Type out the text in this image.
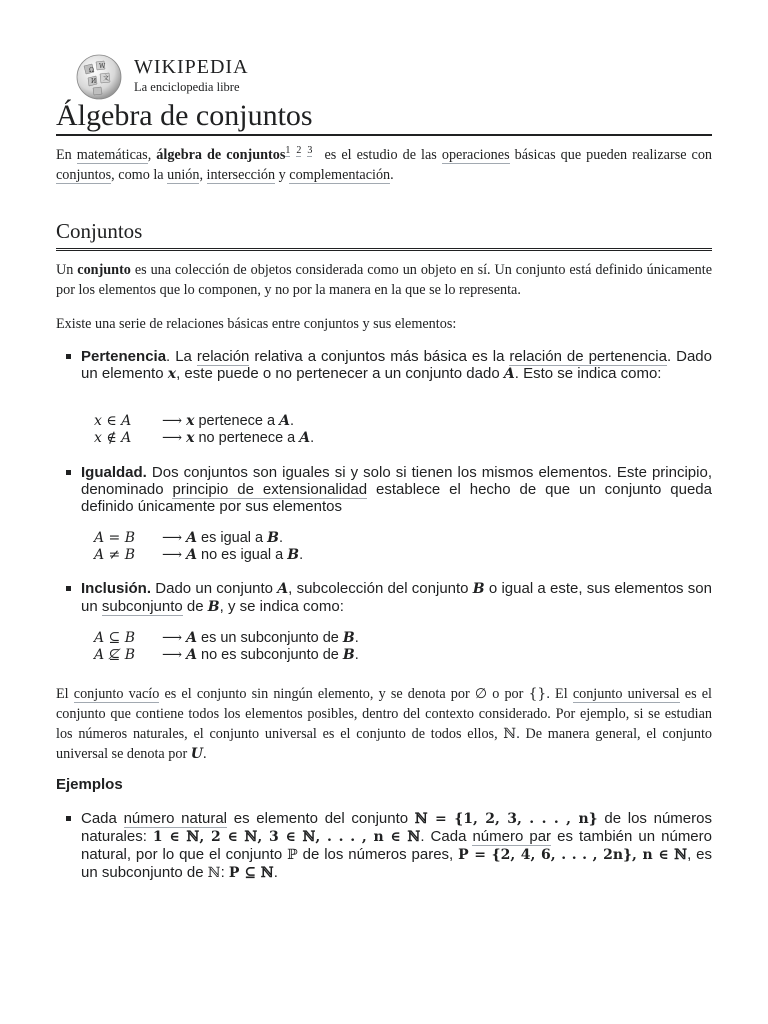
Ω
W
И 文
WIKIPEDIA
La enciclopedia libre
Álgebra de conjuntos

En matemáticas, álgebra de conjuntos$^{1 2 3}$ es el estudio de las operaciones básicas que pueden realizarse con conjuntos, como la unión, intersección y complementación.

Conjuntos

Un conjunto es una colección de objetos considerada como un objeto en sí. Un conjunto está definido únicamente por los elementos que lo componen, y no por la manera en la que se lo representa.

Existe una serie de relaciones básicas entre conjuntos y sus elementos:

Pertenencia. La relación relativa a conjuntos más básica es la relación de pertenencia. Dado un elemento x, este puede o no pertenecer a un conjunto dado A. Esto se indica como:
x ∈ A	⟶ x pertenece a A.
x ∉ A	⟶ x no pertenece a A.
Igualdad. Dos conjuntos son iguales si y solo si tienen los mismos elementos. Este principio, denominado principio de extensionalidad establece el hecho de que un conjunto queda definido únicamente por sus elementos
A = B	⟶ A es igual a B.
A ≠ B	⟶ A no es igual a B.
Inclusión. Dado un conjunto A, subcolección del conjunto B o igual a este, sus elementos son un subconjunto de B, y se indica como:
A ⊆ B	⟶ A es un subconjunto de B.
A ⊈ B	⟶ A no es subconjunto de B.

El conjunto vacío es el conjunto sin ningún elemento, y se denota por ∅ o por {}. El conjunto universal es el conjunto que contiene todos los elementos posibles, dentro del contexto considerado. Por ejemplo, si se estudian los números naturales, el conjunto universal es el conjunto de todos ellos, ℕ. De manera general, el conjunto universal se denota por U.

Ejemplos
Cada número natural es elemento del conjunto ℕ = {1, 2, 3, . . . , n} de los números naturales: 1 ∈ ℕ, 2 ∈ ℕ, 3 ∈ ℕ, . . . , n ∈ ℕ. Cada número par es también un número natural, por lo que el conjunto ℙ de los números pares, P = {2, 4, 6, . . . , 2n}, n ∈ ℕ, es un subconjunto de ℕ: P ⊆ ℕ.
